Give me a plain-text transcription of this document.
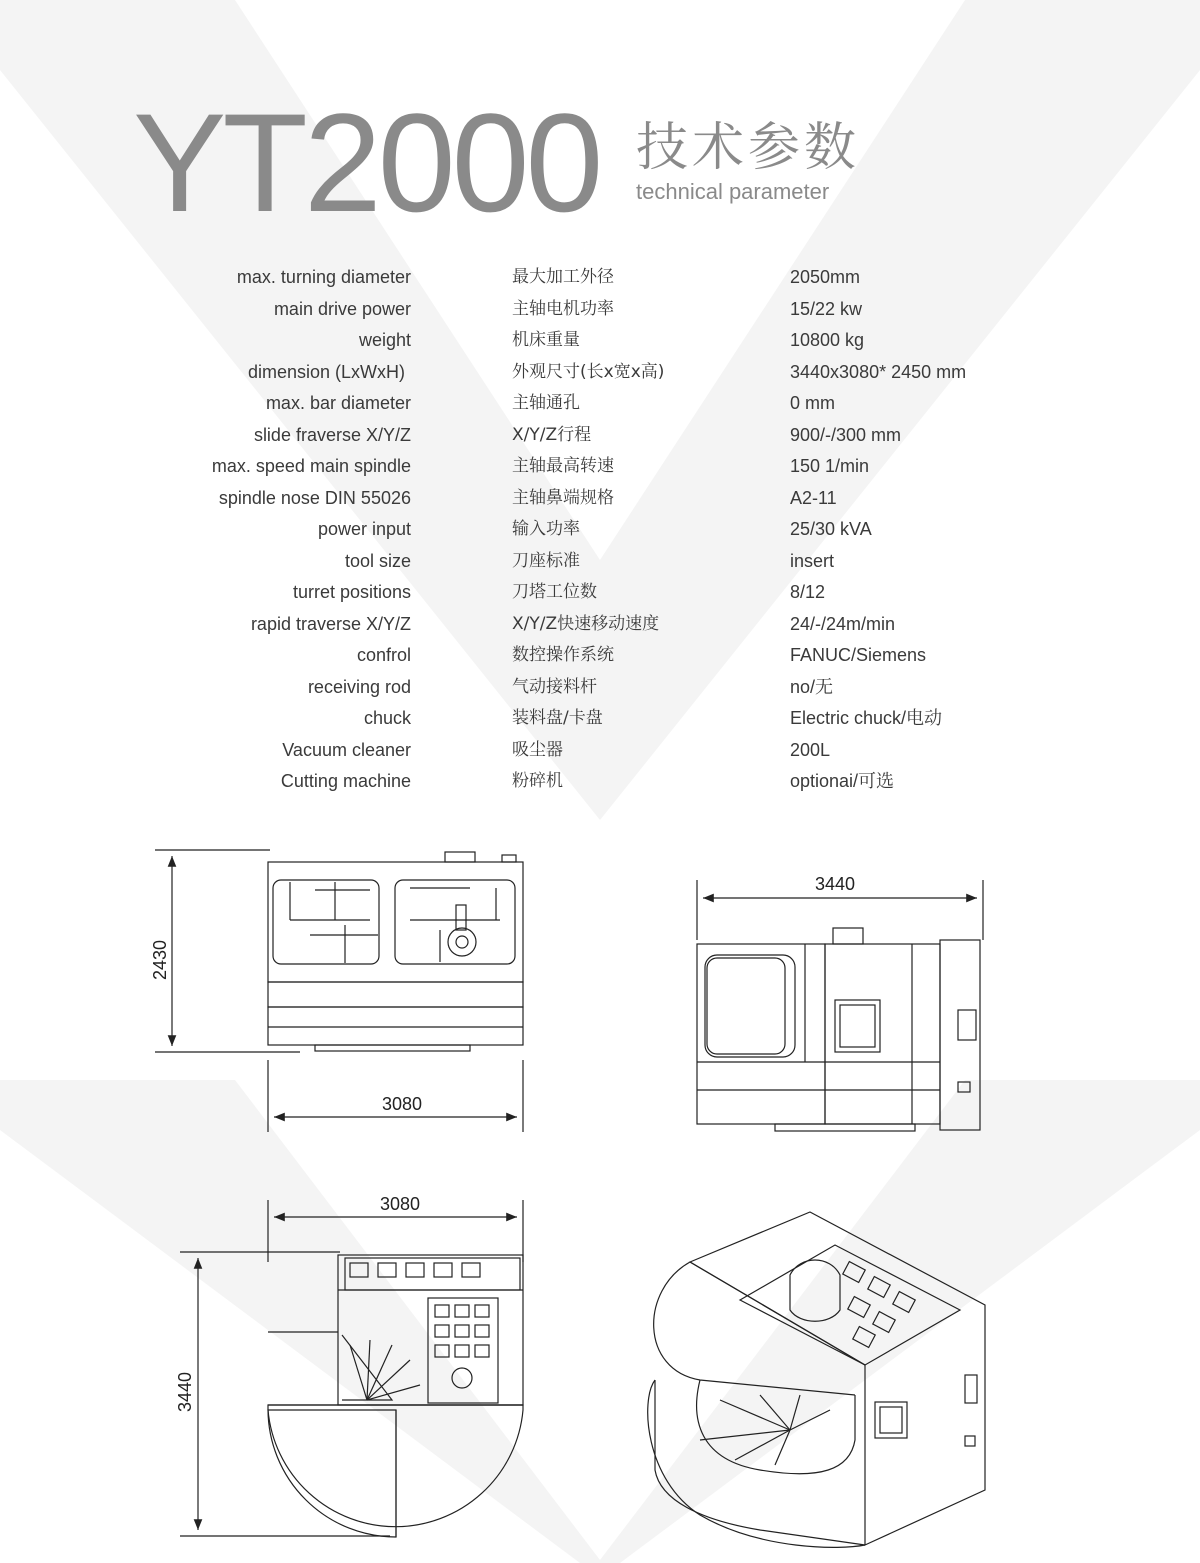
YT2000 技术参数
technical parameter
max. turning diameter	最大加工外径	2050mm
main drive power	主轴电机功率	15/22 kw
weight	机床重量	10800 kg
dimension (LxWxH)	外观尺寸(长x宽x高)	3440x3080* 2450 mm
max. bar diameter	主轴通孔	0 mm
slide fraverse X/Y/Z	X/Y/Z行程	900/-/300 mm
max. speed main spindle	主轴最高转速	150 1/min
spindle nose DIN 55026	主轴鼻端规格	A2-11
power input	输入功率	25/30 kVA
tool size	刀座标准	insert
turret positions	刀塔工位数	8/12
rapid traverse X/Y/Z	X/Y/Z快速移动速度	24/-/24m/min
confrol	数控操作系统	FANUC/Siemens
receiving rod	气动接料杆	no/无
chuck	装料盘/卡盘	Electric chuck/电动
Vacuum cleaner	吸尘器	200L
Cutting machine	粉碎机	optionai/可选
2430
3080
3440
3080
3440
